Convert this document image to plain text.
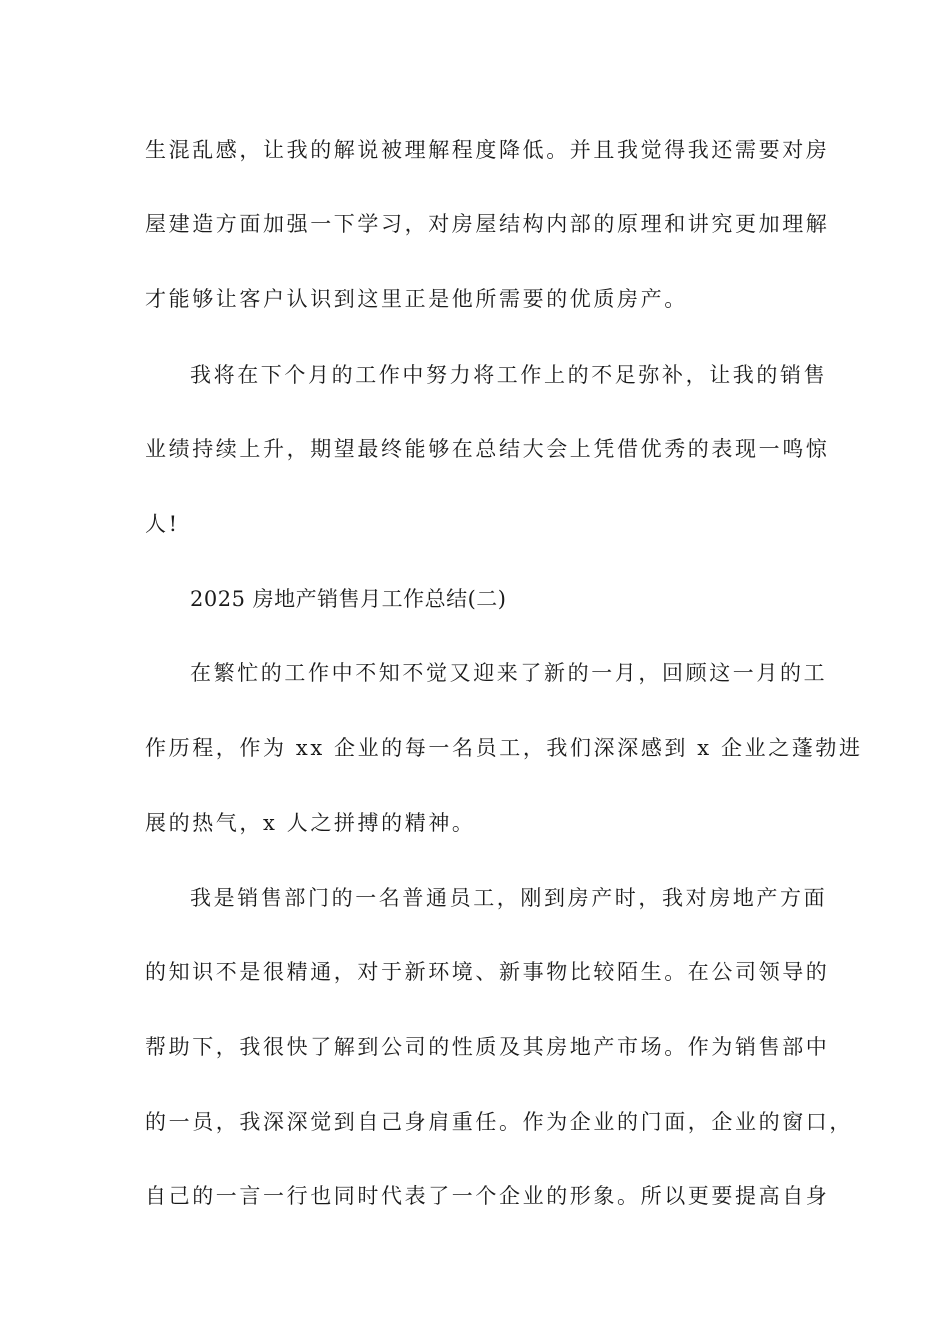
生混乱感，让我的解说被理解程度降低。并且我觉得我还需要对房
屋建造方面加强一下学习，对房屋结构内部的原理和讲究更加理解
才能够让客户认识到这里正是他所需要的优质房产。
我将在下个月的工作中努力将工作上的不足弥补，让我的销售
业绩持续上升，期望最终能够在总结大会上凭借优秀的表现一鸣惊
人!
2025 房地产销售月工作总结(二)
在繁忙的工作中不知不觉又迎来了新的一月，回顾这一月的工
作历程，作为 xx 企业的每一名员工，我们深深感到 x 企业之蓬勃进
展的热气，x 人之拼搏的精神。
我是销售部门的一名普通员工，刚到房产时，我对房地产方面
的知识不是很精通，对于新环境、新事物比较陌生。在公司领导的
帮助下，我很快了解到公司的性质及其房地产市场。作为销售部中
的一员，我深深觉到自己身肩重任。作为企业的门面，企业的窗口，
自己的一言一行也同时代表了一个企业的形象。所以更要提高自身
